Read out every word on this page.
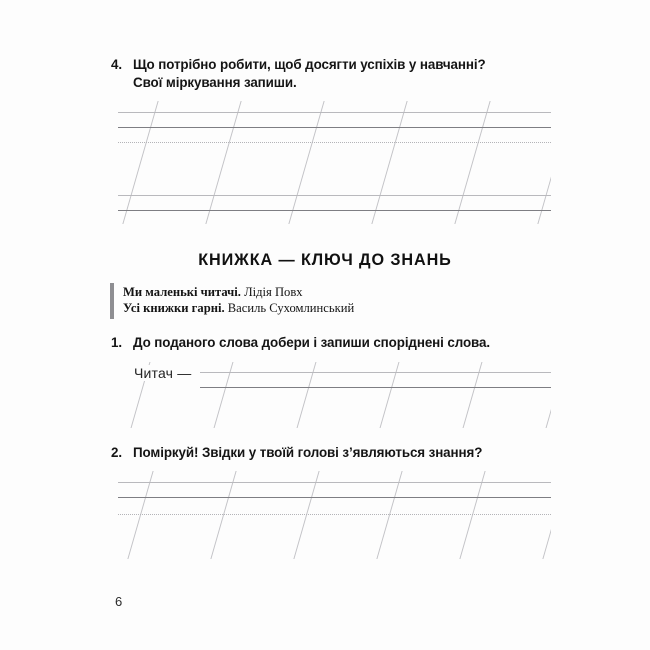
4. Що потрібно робити, щоб досягти успіхів у навчанні?
Свої міркування запиши.
КНИЖКА — КЛЮЧ ДО ЗНАНЬ
Ми маленькі читачі. Лідія Повх
Усі книжки гарні. Василь Сухомлинський
1. До поданого слова добери і запиши споріднені слова.
Читач —
2. Поміркуй! Звідки у твоїй голові з’являються знання?
6
